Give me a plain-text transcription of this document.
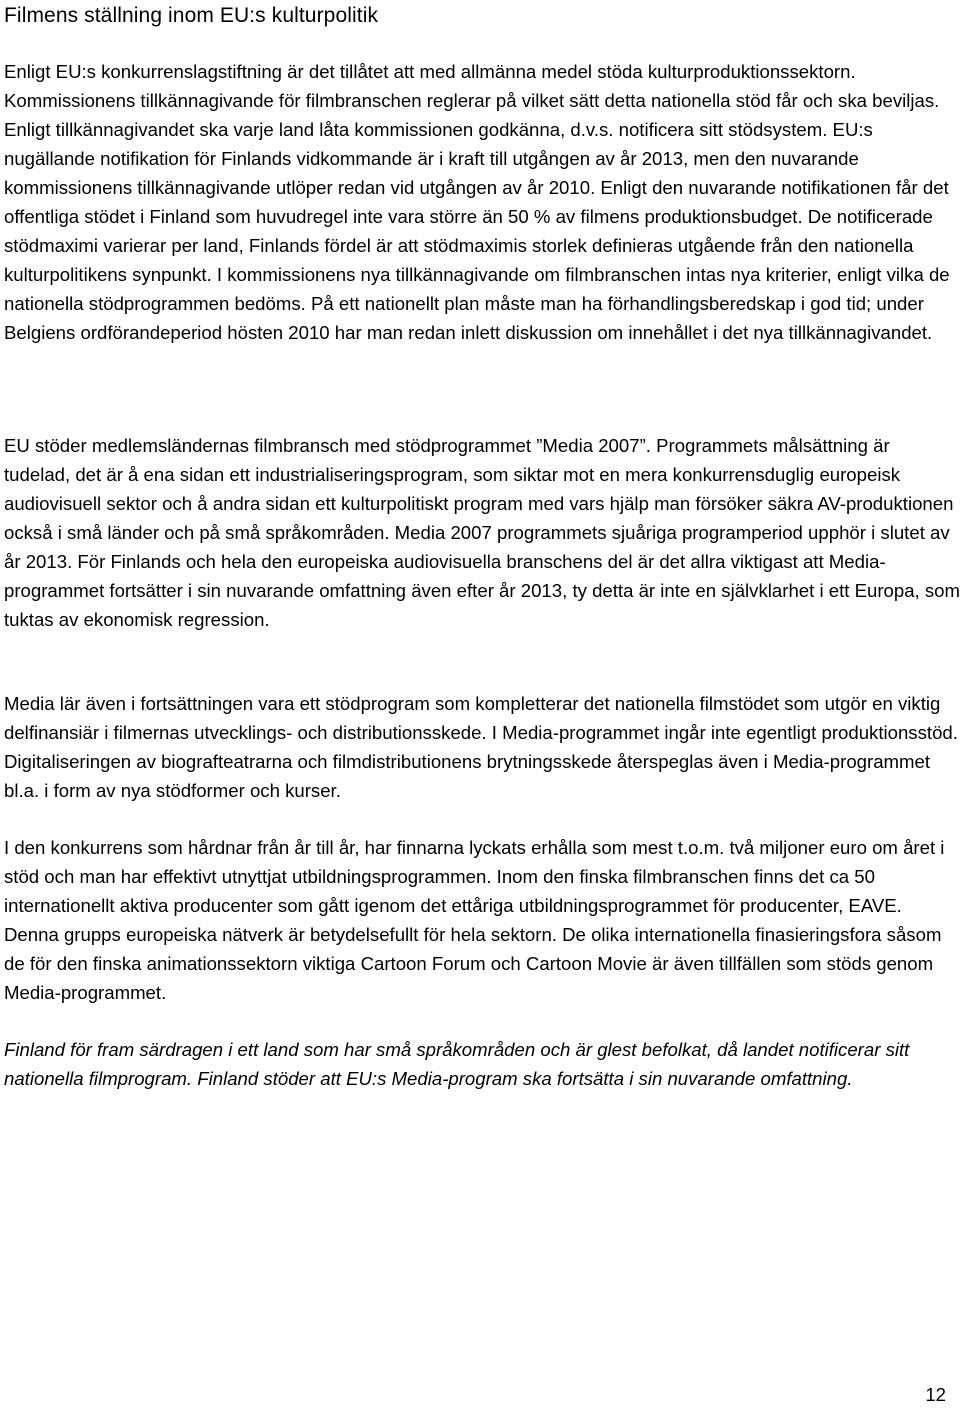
Filmens ställning inom EU:s kulturpolitik

Enligt EU:s konkurrenslagstiftning är det tillåtet att med allmänna medel stöda kulturproduktionssektorn. Kommissionens tillkännagivande för filmbranschen reglerar på vilket sätt detta nationella stöd får och ska beviljas. Enligt tillkännagivandet ska varje land låta kommissionen godkänna, d.v.s. notificera sitt stödsystem. EU:s nugällande notifikation för Finlands vidkommande är i kraft till utgången av år 2013, men den nuvarande kommissionens tillkännagivande utlöper redan vid utgången av år 2010. Enligt den nuvarande notifikationen får det offentliga stödet i Finland som huvudregel inte vara större än 50 % av filmens produktionsbudget. De notificerade stödmaximi varierar per land, Finlands fördel är att stödmaximis storlek definieras utgående från den nationella kulturpolitikens synpunkt. I kommissionens nya tillkännagivande om filmbranschen intas nya kriterier, enligt vilka de nationella stödprogrammen bedöms. På ett nationellt plan måste man ha förhandlingsberedskap i god tid; under Belgiens ordförandeperiod hösten 2010 har man redan inlett diskussion om innehållet i det nya tillkännagivandet.

EU stöder medlemsländernas filmbransch med stödprogrammet ”Media 2007”. Programmets målsättning är tudelad, det är å ena sidan ett industrialiseringsprogram, som siktar mot en mera konkurrensduglig europeisk audiovisuell sektor och å andra sidan ett kulturpolitiskt program med vars hjälp man försöker säkra AV-produktionen också i små länder och på små språkområden. Media 2007 programmets sjuåriga programperiod upphör i slutet av år 2013. För Finlands och hela den europeiska audiovisuella branschens del är det allra viktigast att Media-programmet fortsätter i sin nuvarande omfattning även efter år 2013, ty detta är inte en självklarhet i ett Europa, som tuktas av ekonomisk regression.

Media lär även i fortsättningen vara ett stödprogram som kompletterar det nationella filmstödet som utgör en viktig delfinansiär i filmernas utvecklings- och distributionsskede. I Media-programmet ingår inte egentligt produktionsstöd. Digitaliseringen av biografteatrarna och filmdistributionens brytningsskede återspeglas även i Media-programmet bl.a. i form av nya stödformer och kurser.

I den konkurrens som hårdnar från år till år, har finnarna lyckats erhålla som mest t.o.m. två miljoner euro om året i stöd och man har effektivt utnyttjat utbildningsprogrammen. Inom den finska filmbranschen finns det ca 50 internationellt aktiva producenter som gått igenom det ettåriga utbildningsprogrammet för producenter, EAVE. Denna grupps europeiska nätverk är betydelsefullt för hela sektorn. De olika internationella finasieringsfora såsom de för den finska animationssektorn viktiga Cartoon Forum och Cartoon Movie är även tillfällen som stöds genom Media-programmet.

Finland för fram särdragen i ett land som har små språkområden och är glest befolkat, då landet notificerar sitt nationella filmprogram. Finland stöder att EU:s Media-program ska fortsätta i sin nuvarande omfattning.

12
